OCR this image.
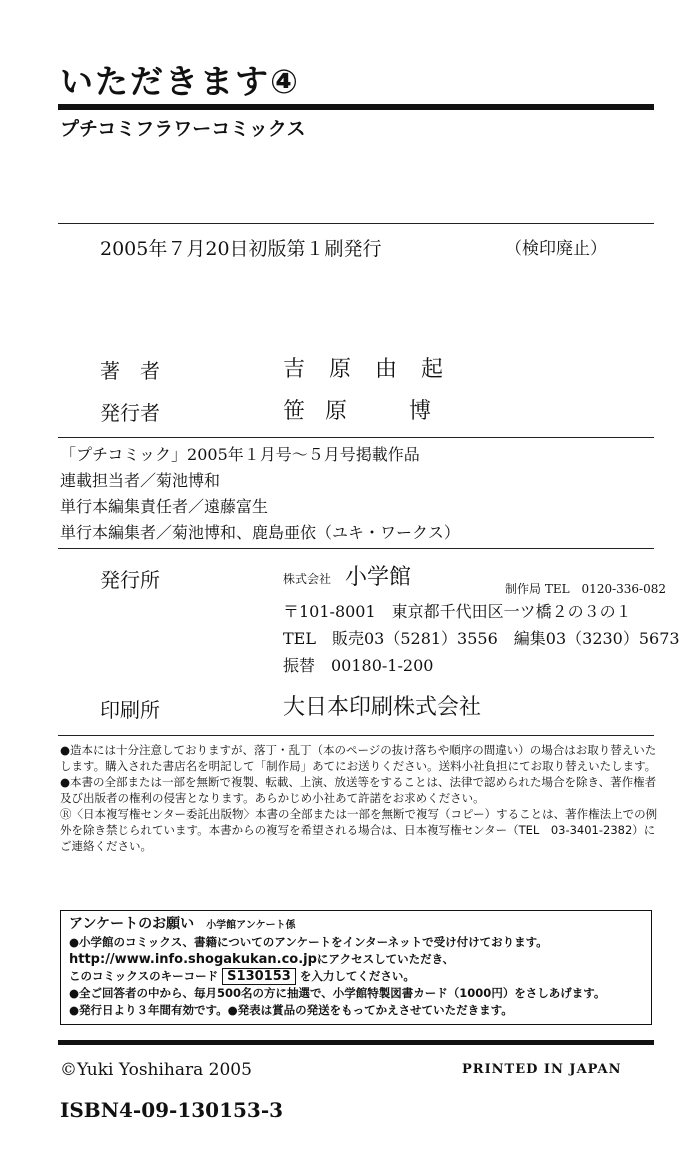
いただきます④
プチコミフラワーコミックス
2005年７月20日初版第１刷発行	（検印廃止）
著　者	吉原由起
発行者	笹原　博
「プチコミック」2005年１月号～５月号掲載作品
連載担当者／菊池博和
単行本編集責任者／遠藤富生
単行本編集者／菊池博和、鹿島亜依（ユキ・ワークス）
発行所	株式会社 小学館	制作局 TEL　0120-336-082
〒101-8001　東京都千代田区一ツ橋２の３の１
TEL　販売03（5281）3556　編集03（3230）5673
振替　00180-1-200
印刷所	大日本印刷株式会社

●造本には十分注意しておりますが、落丁・乱丁（本のページの抜け落ちや順序の間違い）の場合はお取り替えいたします。購入された書店名を明記して「制作局」あてにお送りください。送料小社負担にてお取り替えいたします。

●本書の全部または一部を無断で複製、転載、上演、放送等をすることは、法律で認められた場合を除き、著作権者及び出版者の権利の侵害となります。あらかじめ小社あて許諾をお求めください。

Ⓡ〈日本複写権センター委託出版物〉本書の全部または一部を無断で複写（コピー）することは、著作権法上での例外を除き禁じられています。本書からの複写を希望される場合は、日本複写権センター（TEL　03-3401-2382）にご連絡ください。

アンケートのお願い 小学館アンケート係

●小学館のコミックス、書籍についてのアンケートをインターネットで受け付けております。

http://www.info.shogakukan.co.jpにアクセスしていただき、

このコミックスのキーコード S130153 を入力してください。

●全ご回答者の中から、毎月500名の方に抽選で、小学館特製図書カード（1000円）をさしあげます。

●発行日より３年間有効です。●発表は賞品の発送をもってかえさせていただきます。

©Yuki Yoshihara 2005	PRINTED IN JAPAN
ISBN4-09-130153-3
